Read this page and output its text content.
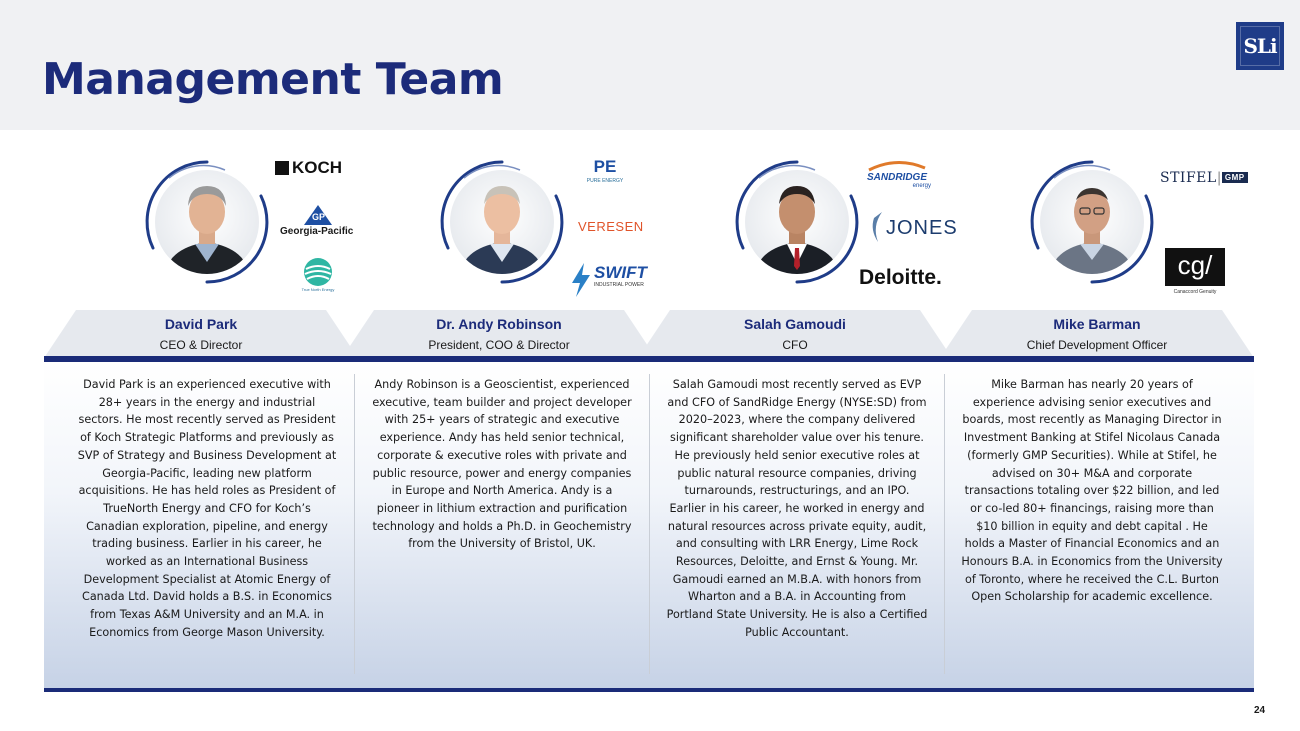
Management Team
SLi
KOCH
GP
Georgia-Pacific
True North Energy
PE
PURE ENERGY
VERESEN
SWIFT
INDUSTRIAL POWER
SANDRIDGE
energy
JONES
Deloitte.
STIFEL| GMP
cg/
Canaccord Genuity
David Park
CEO & Director
Dr. Andy Robinson
President, COO & Director
Salah Gamoudi
CFO
Mike Barman
Chief Development Officer
David Park is an experienced executive with 28+ years in the energy and industrial sectors. He most recently served as President of Koch Strategic Platforms and previously as SVP of Strategy and Business Development at Georgia-Pacific, leading new platform acquisitions. He has held roles as President of TrueNorth Energy and CFO for Koch’s Canadian exploration, pipeline, and energy trading business. Earlier in his career, he worked as an International Business Development Specialist at Atomic Energy of Canada Ltd. David holds a B.S. in Economics from Texas A&M University and an M.A. in Economics from George Mason University.
Andy Robinson is a Geoscientist, experienced executive, team builder and project developer with 25+ years of strategic and executive experience. Andy has held senior technical, corporate & executive roles with private and public resource, power and energy companies in Europe and North America. Andy is a pioneer in lithium extraction and purification technology and holds a Ph.D. in Geochemistry from the University of Bristol, UK.
Salah Gamoudi most recently served as EVP and CFO of SandRidge Energy (NYSE:SD) from 2020–2023, where the company delivered significant shareholder value over his tenure. He previously held senior executive roles at public natural resource companies, driving turnarounds, restructurings, and an IPO. Earlier in his career, he worked in energy and natural resources across private equity, audit, and consulting with LRR Energy, Lime Rock Resources, Deloitte, and Ernst & Young. Mr. Gamoudi earned an M.B.A. with honors from Wharton and a B.A. in Accounting from Portland State University. He is also a Certified Public Accountant.
Mike Barman has nearly 20 years of experience advising senior executives and boards, most recently as Managing Director in Investment Banking at Stifel Nicolaus Canada (formerly GMP Securities). While at Stifel, he advised on 30+ M&A and corporate transactions totaling over $22 billion, and led or co-led 80+ financings, raising more than $10 billion in equity and debt capital . He holds a Master of Financial Economics and an Honours B.A. in Economics from the University of Toronto, where he received the C.L. Burton Open Scholarship for academic excellence.
24
